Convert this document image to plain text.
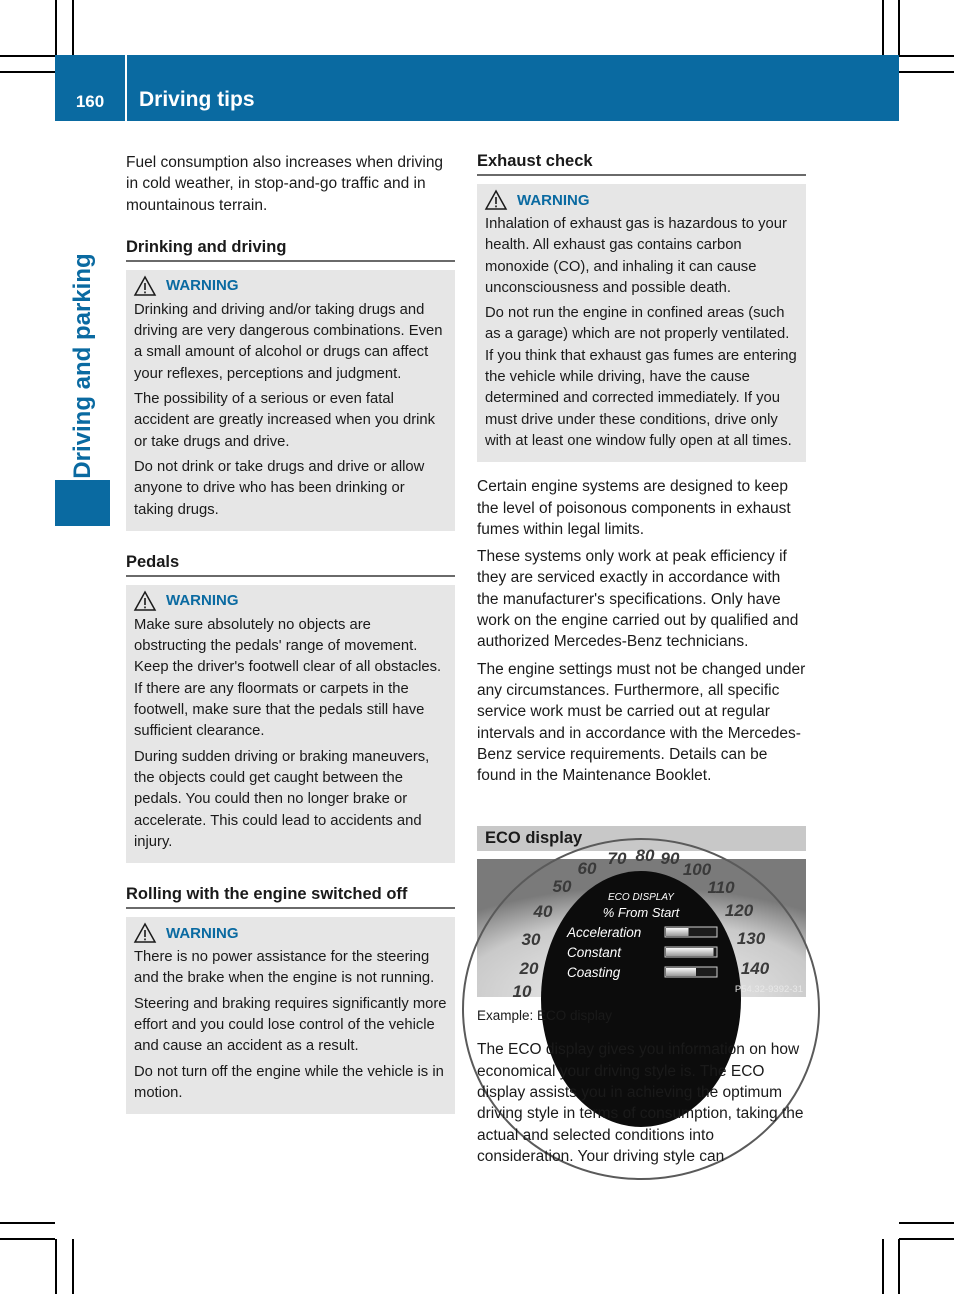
160	Driving tips
Driving and parking

Fuel consumption also increases when driving in cold weather, in stop-and-go traffic and in mountainous terrain.

Drinking and driving
WARNING

Drinking and driving and/or taking drugs and driving are very dangerous combinations. Even a small amount of alcohol or drugs can affect your reflexes, perceptions and judgment.

The possibility of a serious or even fatal accident are greatly increased when you drink or take drugs and drive.

Do not drink or take drugs and drive or allow anyone to drive who has been drinking or taking drugs.

Pedals
WARNING

Make sure absolutely no objects are obstructing the pedals' range of movement. Keep the driver's footwell clear of all obstacles. If there are any floormats or carpets in the footwell, make sure that the pedals still have sufficient clearance.

During sudden driving or braking maneuvers, the objects could get caught between the pedals. You could then no longer brake or accelerate. This could lead to accidents and injury.

Rolling with the engine switched off
WARNING

There is no power assistance for the steering and the brake when the engine is not running.

Steering and braking requires significantly more effort and you could lose control of the vehicle and cause an accident as a result.

Do not turn off the engine while the vehicle is in motion.

Exhaust check
WARNING

Inhalation of exhaust gas is hazardous to your health. All exhaust gas contains carbon monoxide (CO), and inhaling it can cause unconsciousness and possible death.

Do not run the engine in confined areas (such as a garage) which are not properly ventilated. If you think that exhaust gas fumes are entering the vehicle while driving, have the cause determined and corrected immediately. If you must drive under these conditions, drive only with at least one window fully open at all times.

Certain engine systems are designed to keep the level of poisonous components in exhaust fumes within legal limits.

These systems only work at peak efficiency if they are serviced exactly in accordance with the manufacturer's specifications. Only have work on the engine carried out by qualified and authorized Mercedes-Benz technicians.

The engine settings must not be changed under any circumstances. Furthermore, all specific service work must be carried out at regular intervals and in accordance with the Mercedes-Benz service requirements. Details can be found in the Maintenance Booklet.

ECO display
10
20
30
40
50
60
70 80 90
100
110
120
130
140
ECO DISPLAY
% From Start
Acceleration
Constant
Coasting
P54.32-9392-31
Example: ECO display

The ECO display gives you information on how economical your driving style is. The ECO display assists you in achieving the optimum driving style in terms of consumption, taking the actual and selected conditions into consideration. Your driving style can
